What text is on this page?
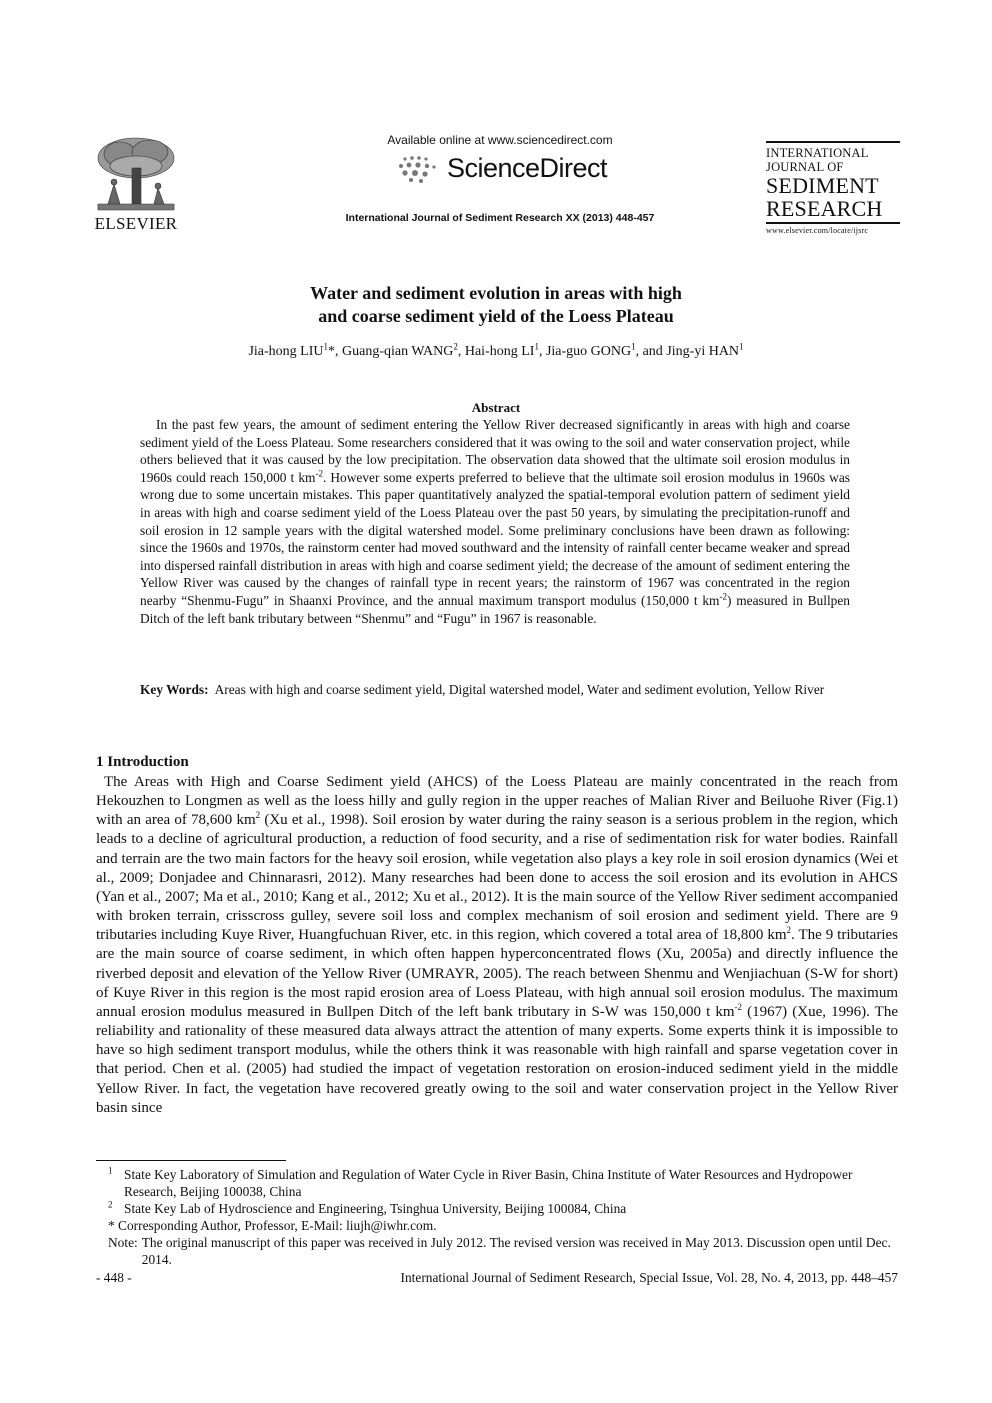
ELSEVIER
Available online at www.sciencedirect.com
ScienceDirect
International Journal of Sediment Research XX (2013) 448-457
INTERNATIONAL
JOURNAL OF
SEDIMENT
RESEARCH
www.elsevier.com/locate/ijsrc
Water and sediment evolution in areas with high
and coarse sediment yield of the Loess Plateau
Jia-hong LIU$^1$*, Guang-qian WANG$^2$, Hai-hong $LI^1$, Jia-guo GONG$^1$, and Jing-yi HAN$^1$
Abstract

In the past few years, the amount of sediment entering the Yellow River decreased significantly in areas with high and coarse sediment yield of the Loess Plateau. Some researchers considered that it was owing to the soil and water conservation project, while others believed that it was caused by the low precipitation. The observation data showed that the ultimate soil erosion modulus in 1960s could reach 150,000 t $km^{-2}$. However some experts preferred to believe that the ultimate soil erosion modulus in 1960s was wrong due to some uncertain mistakes. This paper quantitatively analyzed the spatial-temporal evolution pattern of sediment yield in areas with high and coarse sediment yield of the Loess Plateau over the past 50 years, by simulating the precipitation-runoff and soil erosion in 12 sample years with the digital watershed model. Some preliminary conclusions have been drawn as following: since the 1960s and 1970s, the rainstorm center had moved southward and the intensity of rainfall center became weaker and spread into dispersed rainfall distribution in areas with high and coarse sediment yield; the decrease of the amount of sediment entering the Yellow River was caused by the changes of rainfall type in recent years; the rainstorm of 1967 was concentrated in the region nearby “Shenmu-Fugu” in Shaanxi Province, and the annual maximum transport modulus (150,000 t $km^{-2}$) measured in Bullpen Ditch of the left bank tributary between “Shenmu” and “Fugu” in 1967 is reasonable.

Key Words: Areas with high and coarse sediment yield, Digital watershed model, Water and sediment evolution, Yellow River
1 Introduction

The Areas with High and Coarse Sediment yield (AHCS) of the Loess Plateau are mainly concentrated in the reach from Hekouzhen to Longmen as well as the loess hilly and gully region in the upper reaches of Malian River and Beiluohe River (Fig.1) with an area of 78,600 $km^2$ (Xu et al., 1998). Soil erosion by water during the rainy season is a serious problem in the region, which leads to a decline of agricultural production, a reduction of food security, and a rise of sedimentation risk for water bodies. Rainfall and terrain are the two main factors for the heavy soil erosion, while vegetation also plays a key role in soil erosion dynamics (Wei et al., 2009; Donjadee and Chinnarasri, 2012). Many researches had been done to access the soil erosion and its evolution in AHCS (Yan et al., 2007; Ma et al., 2010; Kang et al., 2012; Xu et al., 2012). It is the main source of the Yellow River sediment accompanied with broken terrain, crisscross gulley, severe soil loss and complex mechanism of soil erosion and sediment yield. There are 9 tributaries including Kuye River, Huangfuchuan River, etc. in this region, which covered a total area of 18,800 $km^2$. The 9 tributaries are the main source of coarse sediment, in which often happen hyperconcentrated flows (Xu, 2005a) and directly influence the riverbed deposit and elevation of the Yellow River (UMRAYR, 2005). The reach between Shenmu and Wenjiachuan (S-W for short) of Kuye River in this region is the most rapid erosion area of Loess Plateau, with high annual soil erosion modulus. The maximum annual erosion modulus measured in Bullpen Ditch of the left bank tributary in S-W was 150,000 t $km^{-2}$ (1967) (Xue, 1996). The reliability and rationality of these measured data always attract the attention of many experts. Some experts think it is impossible to have so high sediment transport modulus, while the others think it was reasonable with high rainfall and sparse vegetation cover in that period. Chen et al. (2005) had studied the impact of vegetation restoration on erosion-induced sediment yield in the middle Yellow River. In fact, the vegetation have recovered greatly owing to the soil and water conservation project in the Yellow River basin since

$^1$ State Key Laboratory of Simulation and Regulation of Water Cycle in River Basin, China Institute of Water Resources and Hydropower Research, Beijing 100038, China
$^2$ State Key Lab of Hydroscience and Engineering, Tsinghua University, Beijing 100084, China
* Corresponding Author, Professor, E-Mail: liujh@iwhr.com.
Note: The original manuscript of this paper was received in July 2012. The revised version was received in May 2013. Discussion open until Dec. 2014.
- 448 -	International Journal of Sediment Research, Special Issue, Vol. 28, No. 4, 2013, pp. 448–457
